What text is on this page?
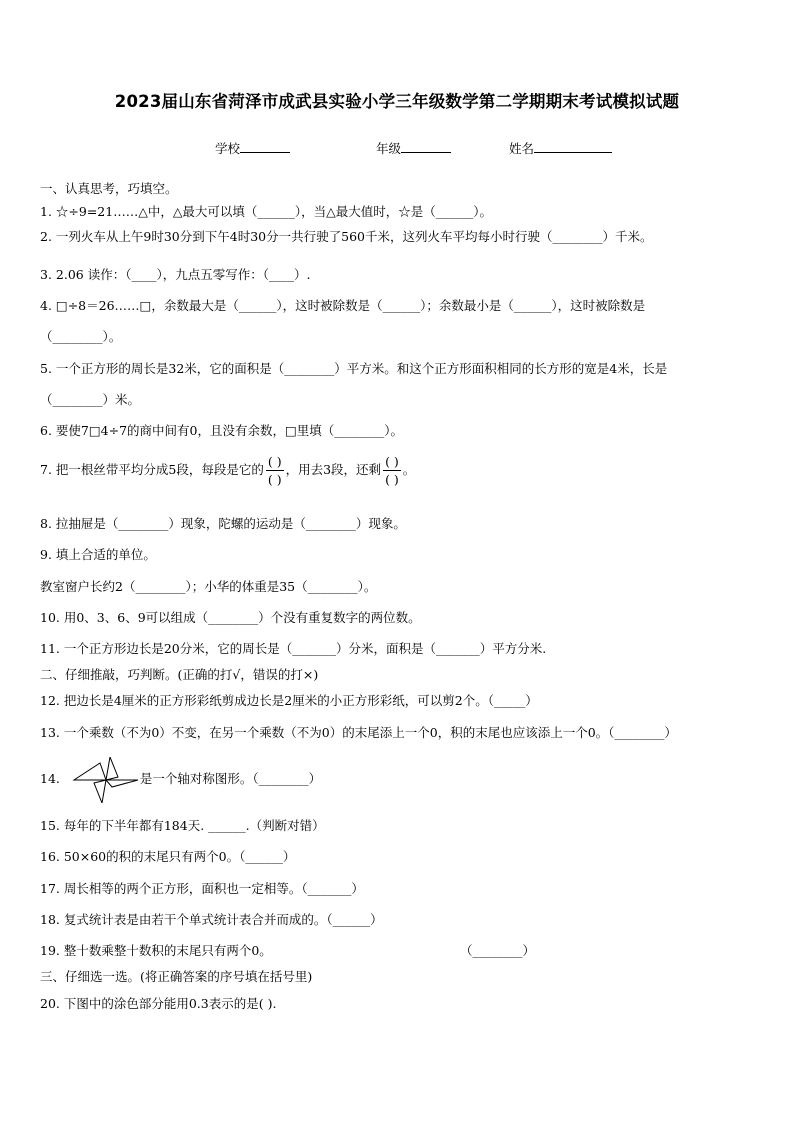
2023届山东省菏泽市成武县实验小学三年级数学第二学期期末考试模拟试题
学校	年级	姓名
一、认真思考，巧填空。
1. ☆÷9=21……△中，△最大可以填（______），当△最大值时，☆是（______）。
2. 一列火车从上午9时30分到下午4时30分一共行驶了560千米，这列火车平均每小时行驶（________）千米。
3. 2.06 读作：（____），九点五零写作：（____）.
4. □÷8＝26……□，余数最大是（______），这时被除数是（______）；余数最小是（______），这时被除数是
（________）。
5. 一个正方形的周长是32米，它的面积是（________）平方米。和这个正方形面积相同的长方形的宽是4米，长是
（________）米。
6. 要使7□4÷7的商中间有0，且没有余数，□里填（________）。
7. 把一根丝带平均分成5段，每段是它的 $\frac{( )}{( )}$ ，用去3段，还剩 $\frac{( )}{( )}$ 。
8. 拉抽屉是（________）现象，陀螺的运动是（________）现象。
9. 填上合适的单位。
教室窗户长约2（________）；小华的体重是35（________）。
10. 用0、3、6、9可以组成（________）个没有重复数字的两位数。
11. 一个正方形边长是20分米，它的周长是（_______）分米，面积是（_______）平方分米.
二、仔细推敲，巧判断。(正确的打√，错误的打×)
12. 把边长是4厘米的正方形彩纸剪成边长是2厘米的小正方形彩纸，可以剪2个。（_____）
13. 一个乘数（不为0）不变，在另一个乘数（不为0）的末尾添上一个0，积的末尾也应该添上一个0。（________）
14.	是一个轴对称图形。（________）
15. 每年的下半年都有184天. ______.（判断对错）
16. 50×60的积的末尾只有两个0。（______）
17. 周长相等的两个正方形，面积也一定相等。（_______）
18. 复式统计表是由若干个单式统计表合并而成的。（______）
19. 整十数乘整十数积的末尾只有两个0。	（________）
三、仔细选一选。(将正确答案的序号填在括号里)
20. 下图中的涂色部分能用0.3表示的是( ).
